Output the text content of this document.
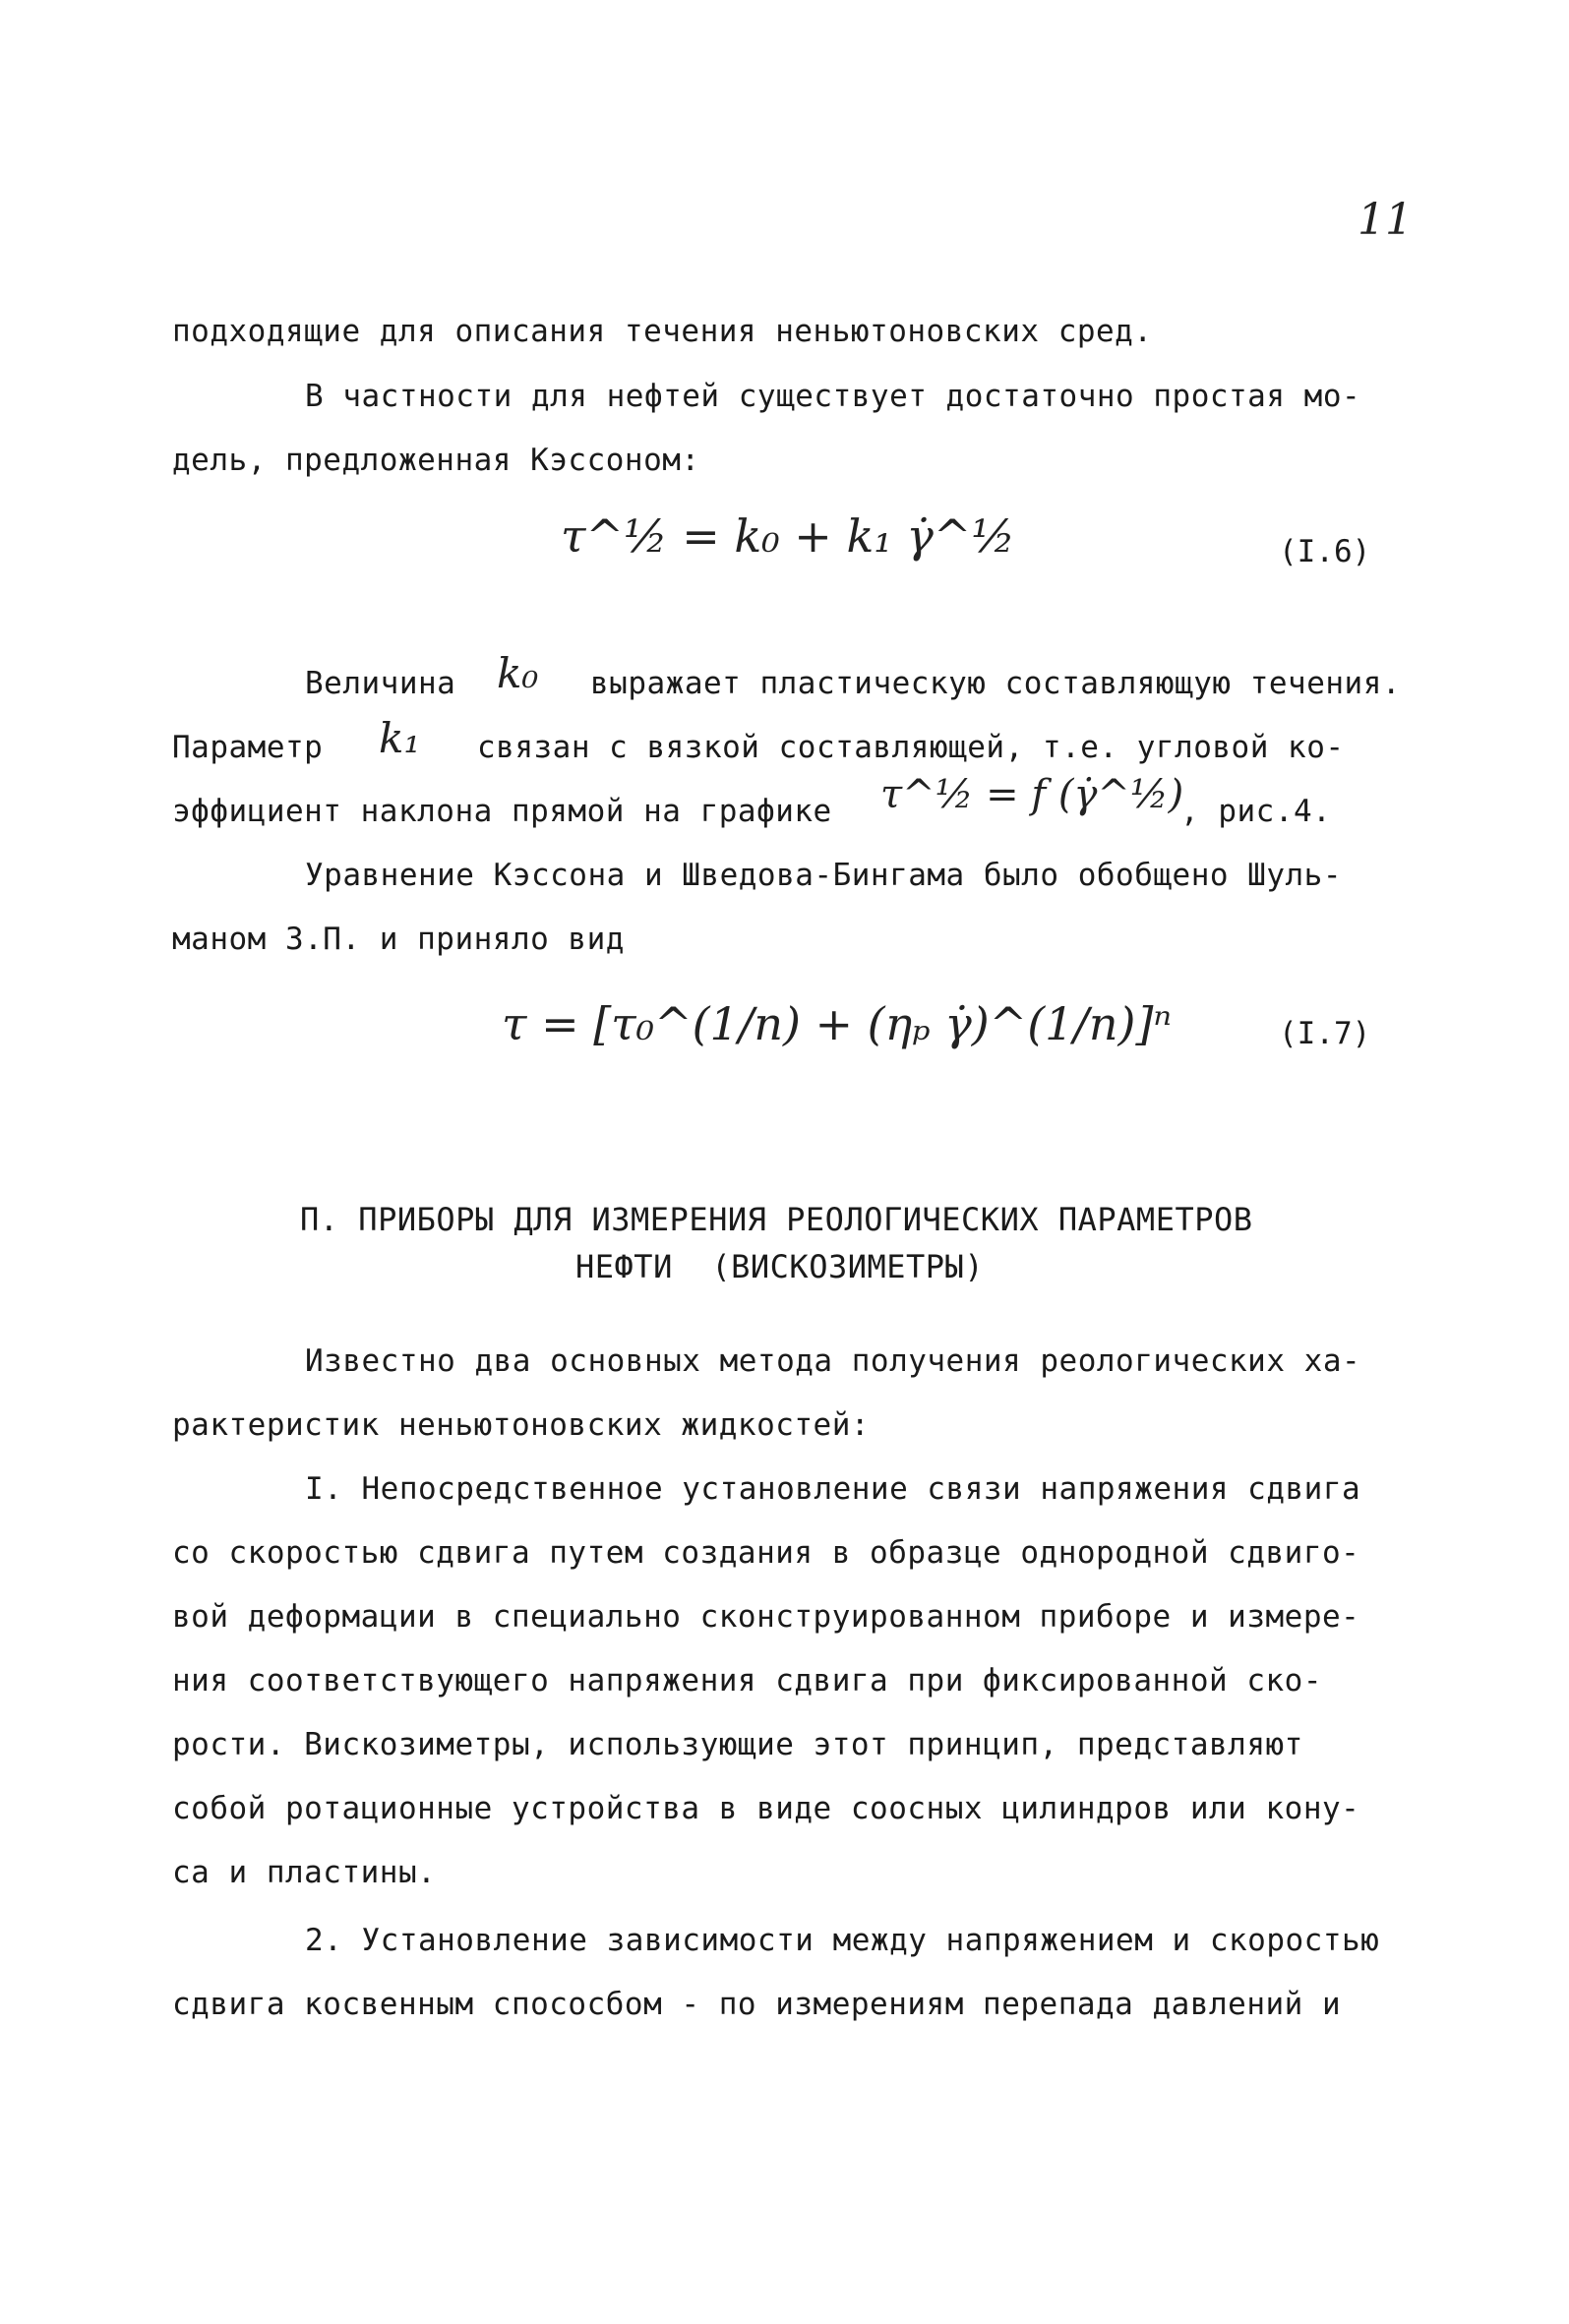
11
подходящие для описания течения неньютоновских сред.
В частности для нефтей существует достаточно простая мо-
дель, предложенная Кэссоном:
τ^½ = k₀ + k₁ γ̇^½	(I.6)
Величина k₀ выражает пластическую составляющую течения.
Параметр k₁ связан с вязкой составляющей, т.е. угловой ко-
эффициент наклона прямой на графике τ^½ = f (γ̇^½)
, рис.4.
Уравнение Кэссона и Шведова-Бингама было обобщено Шуль-
маном З.П. и приняло вид
τ = [τ₀^(1/n) + (ηₚ γ̇)^(1/n)]ⁿ	(I.7)
П. ПРИБОРЫ ДЛЯ ИЗМЕРЕНИЯ РЕОЛОГИЧЕСКИХ ПАРАМЕТРОВ
НЕФТИ  (ВИСКОЗИМЕТРЫ)
Известно два основных метода получения реологических ха-
рактеристик неньютоновских жидкостей:
I. Непосредственное установление связи напряжения сдвига
со скоростью сдвига путем создания в образце однородной сдвиго-
вой деформации в специально сконструированном приборе и измере-
ния соответствующего напряжения сдвига при фиксированной ско-
рости. Вискозиметры, использующие этот принцип, представляют
собой ротационные устройства в виде соосных цилиндров или кону-
са и пластины.
2. Установление зависимости между напряжением и скоростью
сдвига косвенным спососбом - по измерениям перепада давлений и
